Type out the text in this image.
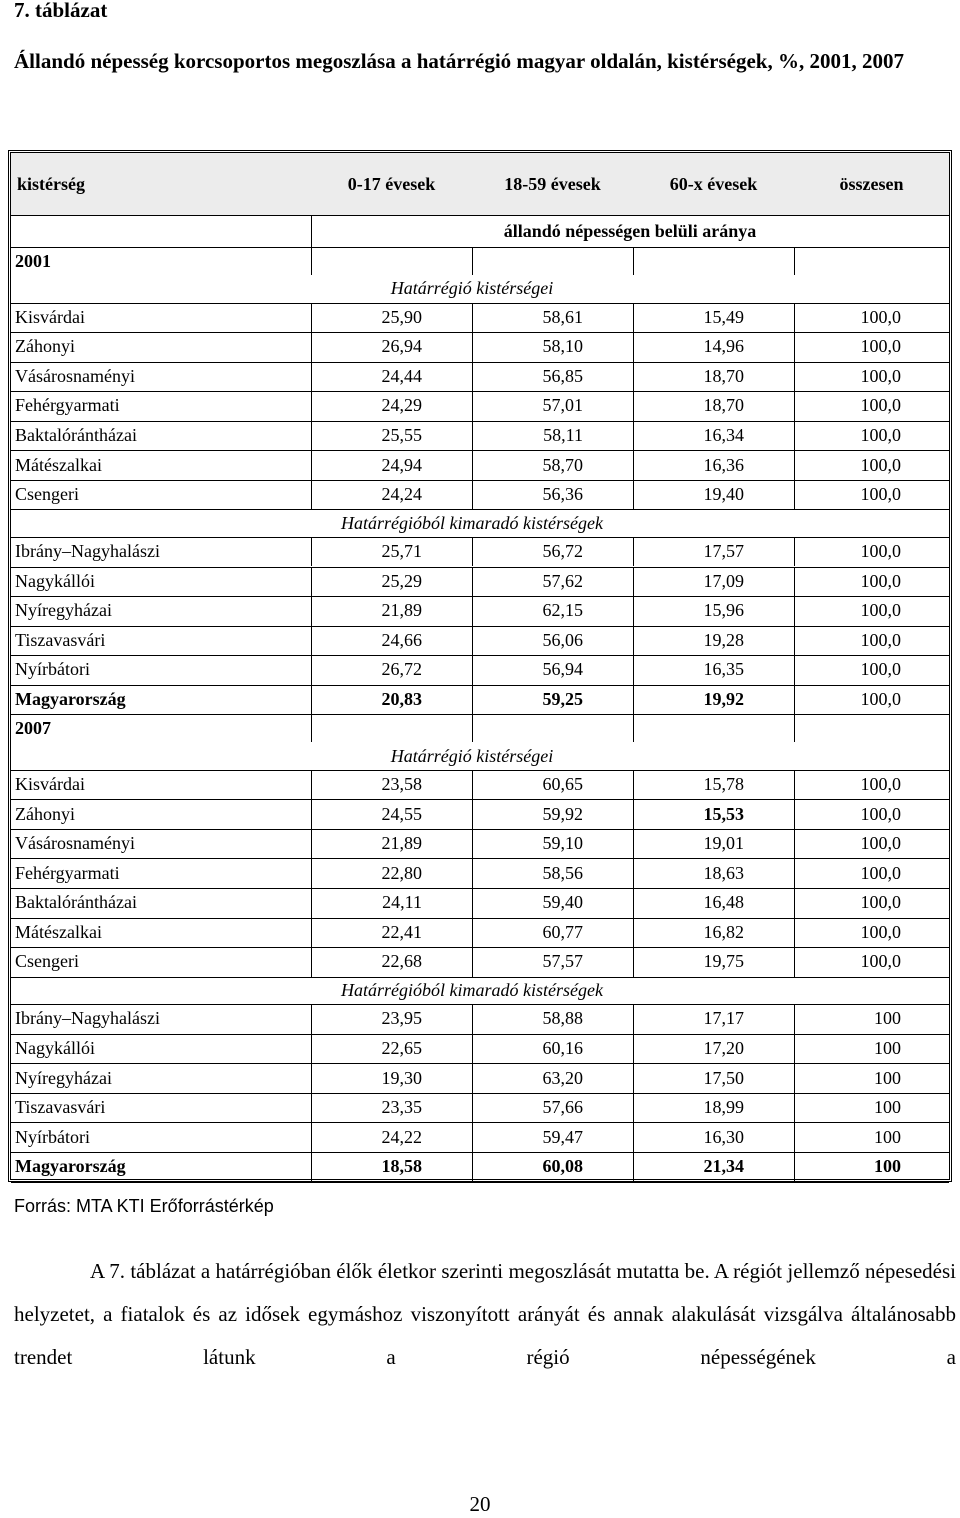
7. táblázat
Állandó népesség korcsoportos megoszlása a határrégió magyar oldalán, kistérségek, %, 2001, 2007
kistérség	0-17 évesek	18-59 évesek	60-x évesek	összesen
állandó népességen belüli aránya
2001
Határrégió kistérségei
Kisvárdai	25,90	58,61	15,49	100,0
Záhonyi	26,94	58,10	14,96	100,0
Vásárosnaményi	24,44	56,85	18,70	100,0
Fehérgyarmati	24,29	57,01	18,70	100,0
Baktalórántházai	25,55	58,11	16,34	100,0
Mátészalkai	24,94	58,70	16,36	100,0
Csengeri	24,24	56,36	19,40	100,0
Határrégióból kimaradó kistérségek
Ibrány–Nagyhalászi	25,71	56,72	17,57	100,0
Nagykállói	25,29	57,62	17,09	100,0
Nyíregyházai	21,89	62,15	15,96	100,0
Tiszavasvári	24,66	56,06	19,28	100,0
Nyírbátori	26,72	56,94	16,35	100,0
Magyarország	20,83	59,25	19,92	100,0
2007
Határrégió kistérségei
Kisvárdai	23,58	60,65	15,78	100,0
Záhonyi	24,55	59,92	15,53	100,0
Vásárosnaményi	21,89	59,10	19,01	100,0
Fehérgyarmati	22,80	58,56	18,63	100,0
Baktalórántházai	24,11	59,40	16,48	100,0
Mátészalkai	22,41	60,77	16,82	100,0
Csengeri	22,68	57,57	19,75	100,0
Határrégióból kimaradó kistérségek
Ibrány–Nagyhalászi	23,95	58,88	17,17	100
Nagykállói	22,65	60,16	17,20	100
Nyíregyházai	19,30	63,20	17,50	100
Tiszavasvári	23,35	57,66	18,99	100
Nyírbátori	24,22	59,47	16,30	100
Magyarország	18,58	60,08	21,34	100
Forrás: MTA KTI Erőforrástérkép
A 7. táblázat a határrégióban élők életkor szerinti megoszlását mutatta be. A régiót jellemző népesedési helyzetet, a fiatalok és az idősek egymáshoz viszonyított arányát és annak alakulását vizsgálva általánosabb trendet látunk a régió népességének a
20
